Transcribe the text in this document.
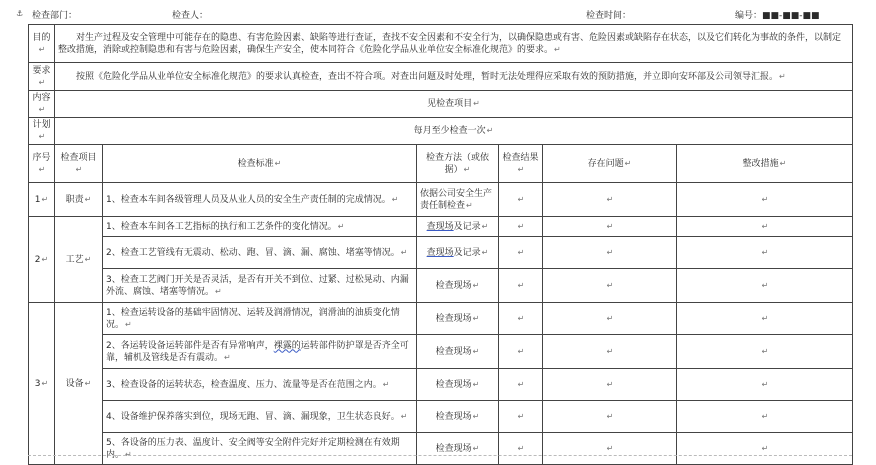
⚓ 检查部门：	检查人：	检查时间：	编号：■■-■■-■■
目的↵	对生产过程及安全管理中可能存在的隐患、有害危险因素、缺陷等进行查证，查找不安全因素和不安全行为，以确保隐患或有害、危险因素或缺陷存在状态，以及它们转化为事故的条件，以制定整改措施，消除或控制隐患和有害与危险因素，确保生产安全，使本同符合《危险化学品从业单位安全标准化规范》的要求。↵					
要求↵	按照《危险化学品从业单位安全标准化规范》的要求认真检查，查出不符合项。对查出问题及时处理，暂时无法处理得应采取有效的预防措施，并立即向安环部及公司领导汇报。↵					
内容↵	见检查项目↵					
计划↵	每月至少检查一次↵					
序号↵	检查项目↵	检查标准↵	检查方法（或依据）↵	检查结果↵	存在问题↵	整改措施↵
1↵	职责↵	1、检查本车间各级管理人员及从业人员的安全生产责任制的完成情况。↵	依据公司安全生产责任制检查↵	↵	↵	↵
2↵	工艺↵	1、检查本车间各工艺指标的执行和工艺条件的变化情况。↵	查现场及记录↵	↵	↵	↵
		2、检查工艺管线有无震动、松动、跑、冒、滴、漏、腐蚀、堵塞等情况。↵	查现场及记录↵	↵	↵	↵
		3、检查工艺阀门开关是否灵活，是否有开关不到位、过紧、过松晃动、内漏外流、腐蚀、堵塞等情况。↵	检查现场↵	↵	↵	↵
3↵	设备↵	1、检查运转设备的基础牢固情况、运转及润滑情况，润滑油的油质变化情况。↵	检查现场↵	↵	↵	↵
		2、各运转设备运转部件是否有异常响声，裸露的运转部件防护罩是否齐全可靠，辅机及管线是否有震动。↵	检查现场↵	↵	↵	↵
		3、检查设备的运转状态，检查温度、压力、流量等是否在范围之内。↵	检查现场↵	↵	↵	↵
		4、设备维护保养落实到位，现场无跑、冒、滴、漏现象，卫生状态良好。↵	检查现场↵	↵	↵	↵
		5、各设备的压力表、温度计、安全阀等安全附件完好并定期检测在有效期内。↵	检查现场↵	↵	↵	↵
